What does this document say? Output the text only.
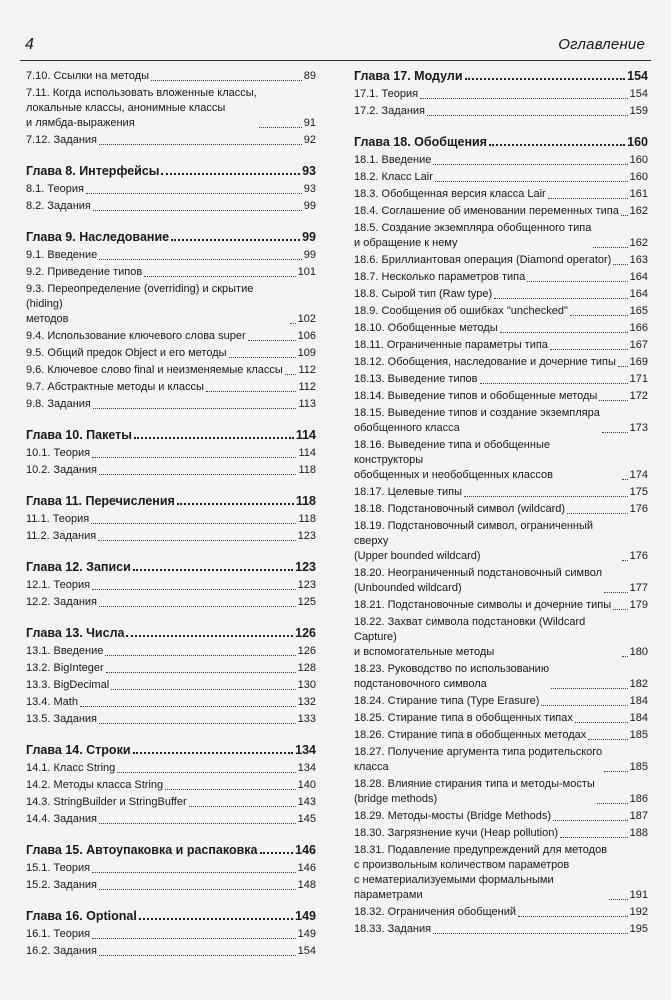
4	Оглавление
7.10. Ссылки на методы	89
7.11. Когда использовать вложенные классы,
локальные классы, анонимные классы
и лямбда-выражения	91
7.12. Задания	92
Глава 8. Интерфейсы	93
8.1. Теория	93
8.2. Задания	99
Глава 9. Наследование	99
9.1. Введение	99
9.2. Приведение типов	101
9.3. Переопределение (overriding) и скрытие (hiding)
методов	102
9.4. Использование ключевого слова super	106
9.5. Общий предок Object и его методы	109
9.6. Ключевое слово final и неизменяемые классы 112
9.7. Абстрактные методы и классы	112
9.8. Задания	113
Глава 10. Пакеты	114
10.1. Теория	114
10.2. Задания	118
Глава 11. Перечисления	118
11.1. Теория	118
11.2. Задания	123
Глава 12. Записи	123
12.1. Теория	123
12.2. Задания	125
Глава 13. Числа	126
13.1. Введение	126
13.2. BigInteger	128
13.3. BigDecimal	130
13.4. Math	132
13.5. Задания	133
Глава 14. Строки	134
14.1. Класс String	134
14.2. Методы класса String	140
14.3. StringBuilder и StringBuffer	143
14.4. Задания	145
Глава 15. Автоупаковка и распаковка	146
15.1. Теория	146
15.2. Задания	148
Глава 16. Optional	149
16.1. Теория	149
16.2. Задания	154
Глава 17. Модули	154
17.1. Теория	154
17.2. Задания	159
Глава 18. Обобщения	160
18.1. Введение	160
18.2. Класс Lair	160
18.3. Обобщенная версия класса Lair	161
18.4. Соглашение об именовании переменных типа 162
18.5. Создание экземпляра обобщенного типа
и обращение к нему	162
18.6. Бриллиантовая операция (Diamond operator) 163
18.7. Несколько параметров типа	164
18.8. Сырой тип (Raw type)	164
18.9. Сообщения об ошибках "unchecked"	165
18.10. Обобщенные методы	166
18.11. Ограниченные параметры типа	167
18.12. Обобщения, наследование и дочерние типы 169
18.13. Выведение типов	171
18.14. Выведение типов и обобщенные методы	172
18.15. Выведение типов и создание экземпляра
обобщенного класса	173
18.16. Выведение типа и обобщенные конструкторы
обобщенных и необобщенных классов	174
18.17. Целевые типы	175
18.18. Подстановочный символ (wildcard)	176
18.19. Подстановочный символ, ограниченный сверху
(Upper bounded wildcard)	176
18.20. Неограниченный подстановочный символ
(Unbounded wildcard)	177
18.21. Подстановочные символы и дочерние типы 179
18.22. Захват символа подстановки (Wildcard Capture)
и вспомогательные методы	180
18.23. Руководство по использованию
подстановочного символа	182
18.24. Стирание типа (Type Erasure)	184
18.25. Стирание типа в обобщенных типах	184
18.26. Стирание типа в обобщенных методах	185
18.27. Получение аргумента типа родительского
класса	185
18.28. Влияние стирания типа и методы-мосты
(bridge methods)	186
18.29. Методы-мосты (Bridge Methods)	187
18.30. Загрязнение кучи (Heap pollution)	188
18.31. Подавление предупреждений для методов
с произвольным количеством параметров
с нематериализуемыми формальными
параметрами	191
18.32. Ограничения обобщений	192
18.33. Задания	195
